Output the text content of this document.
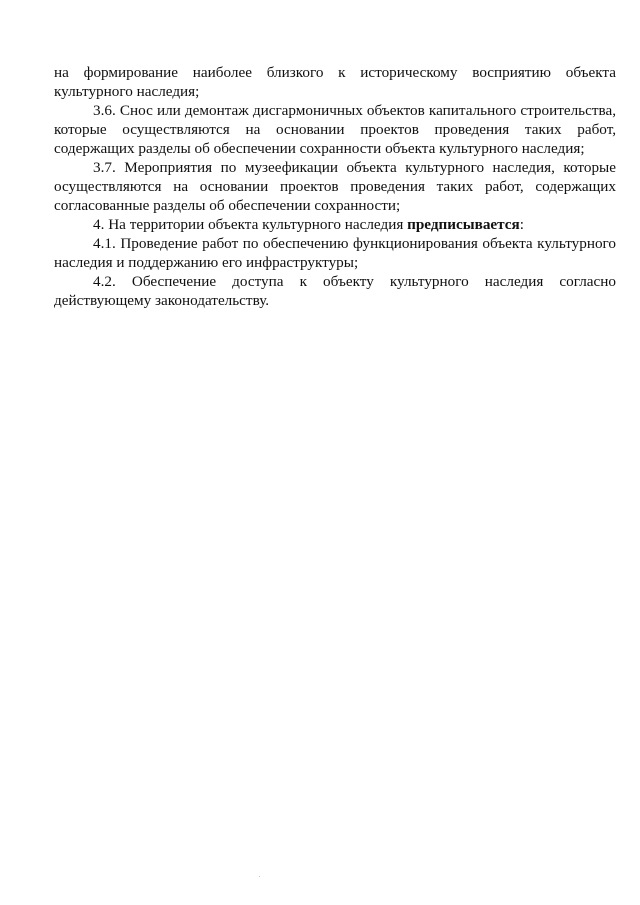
на формирование наиболее близкого к историческому восприятию объекта культурного наследия;

3.6. Снос или демонтаж дисгармоничных объектов капитального строительства, которые осуществляются на основании проектов проведения таких работ, содержащих разделы об обеспечении сохранности объекта культурного наследия;

3.7. Мероприятия по музеефикации объекта культурного наследия, которые осуществляются на основании проектов проведения таких работ, содержащих согласованные разделы об обеспечении сохранности;

4. На территории объекта культурного наследия предписывается:

4.1. Проведение работ по обеспечению функционирования объекта культурного наследия и поддержанию его инфраструктуры;

4.2. Обеспечение доступа к объекту культурного наследия согласно действующему законодательству.
